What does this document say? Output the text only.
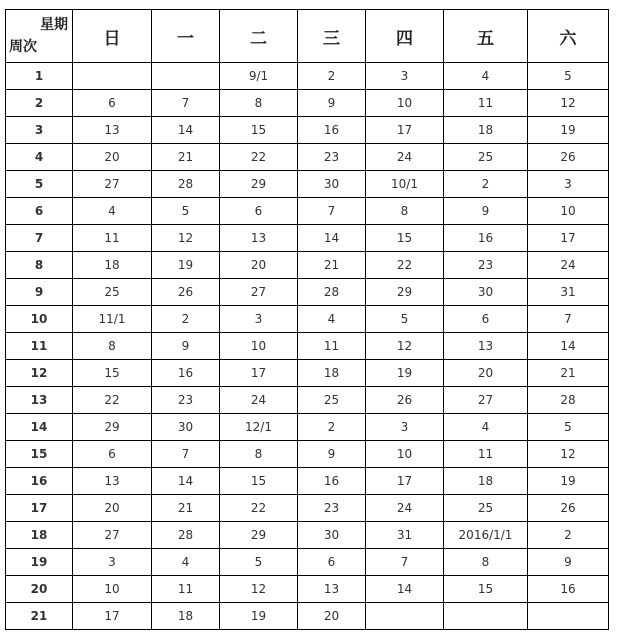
星期
周次	日	一	二	三	四	五	六
1			9/1	2	3	4	5
2	6	7	8	9	10	11	12
3	13	14	15	16	17	18	19
4	20	21	22	23	24	25	26
5	27	28	29	30	10/1	2	3
6	4	5	6	7	8	9	10
7	11	12	13	14	15	16	17
8	18	19	20	21	22	23	24
9	25	26	27	28	29	30	31
10	11/1	2	3	4	5	6	7
11	8	9	10	11	12	13	14
12	15	16	17	18	19	20	21
13	22	23	24	25	26	27	28
14	29	30	12/1	2	3	4	5
15	6	7	8	9	10	11	12
16	13	14	15	16	17	18	19
17	20	21	22	23	24	25	26
18	27	28	29	30	31	2016/1/1	2
19	3	4	5	6	7	8	9
20	10	11	12	13	14	15	16
21	17	18	19	20			
